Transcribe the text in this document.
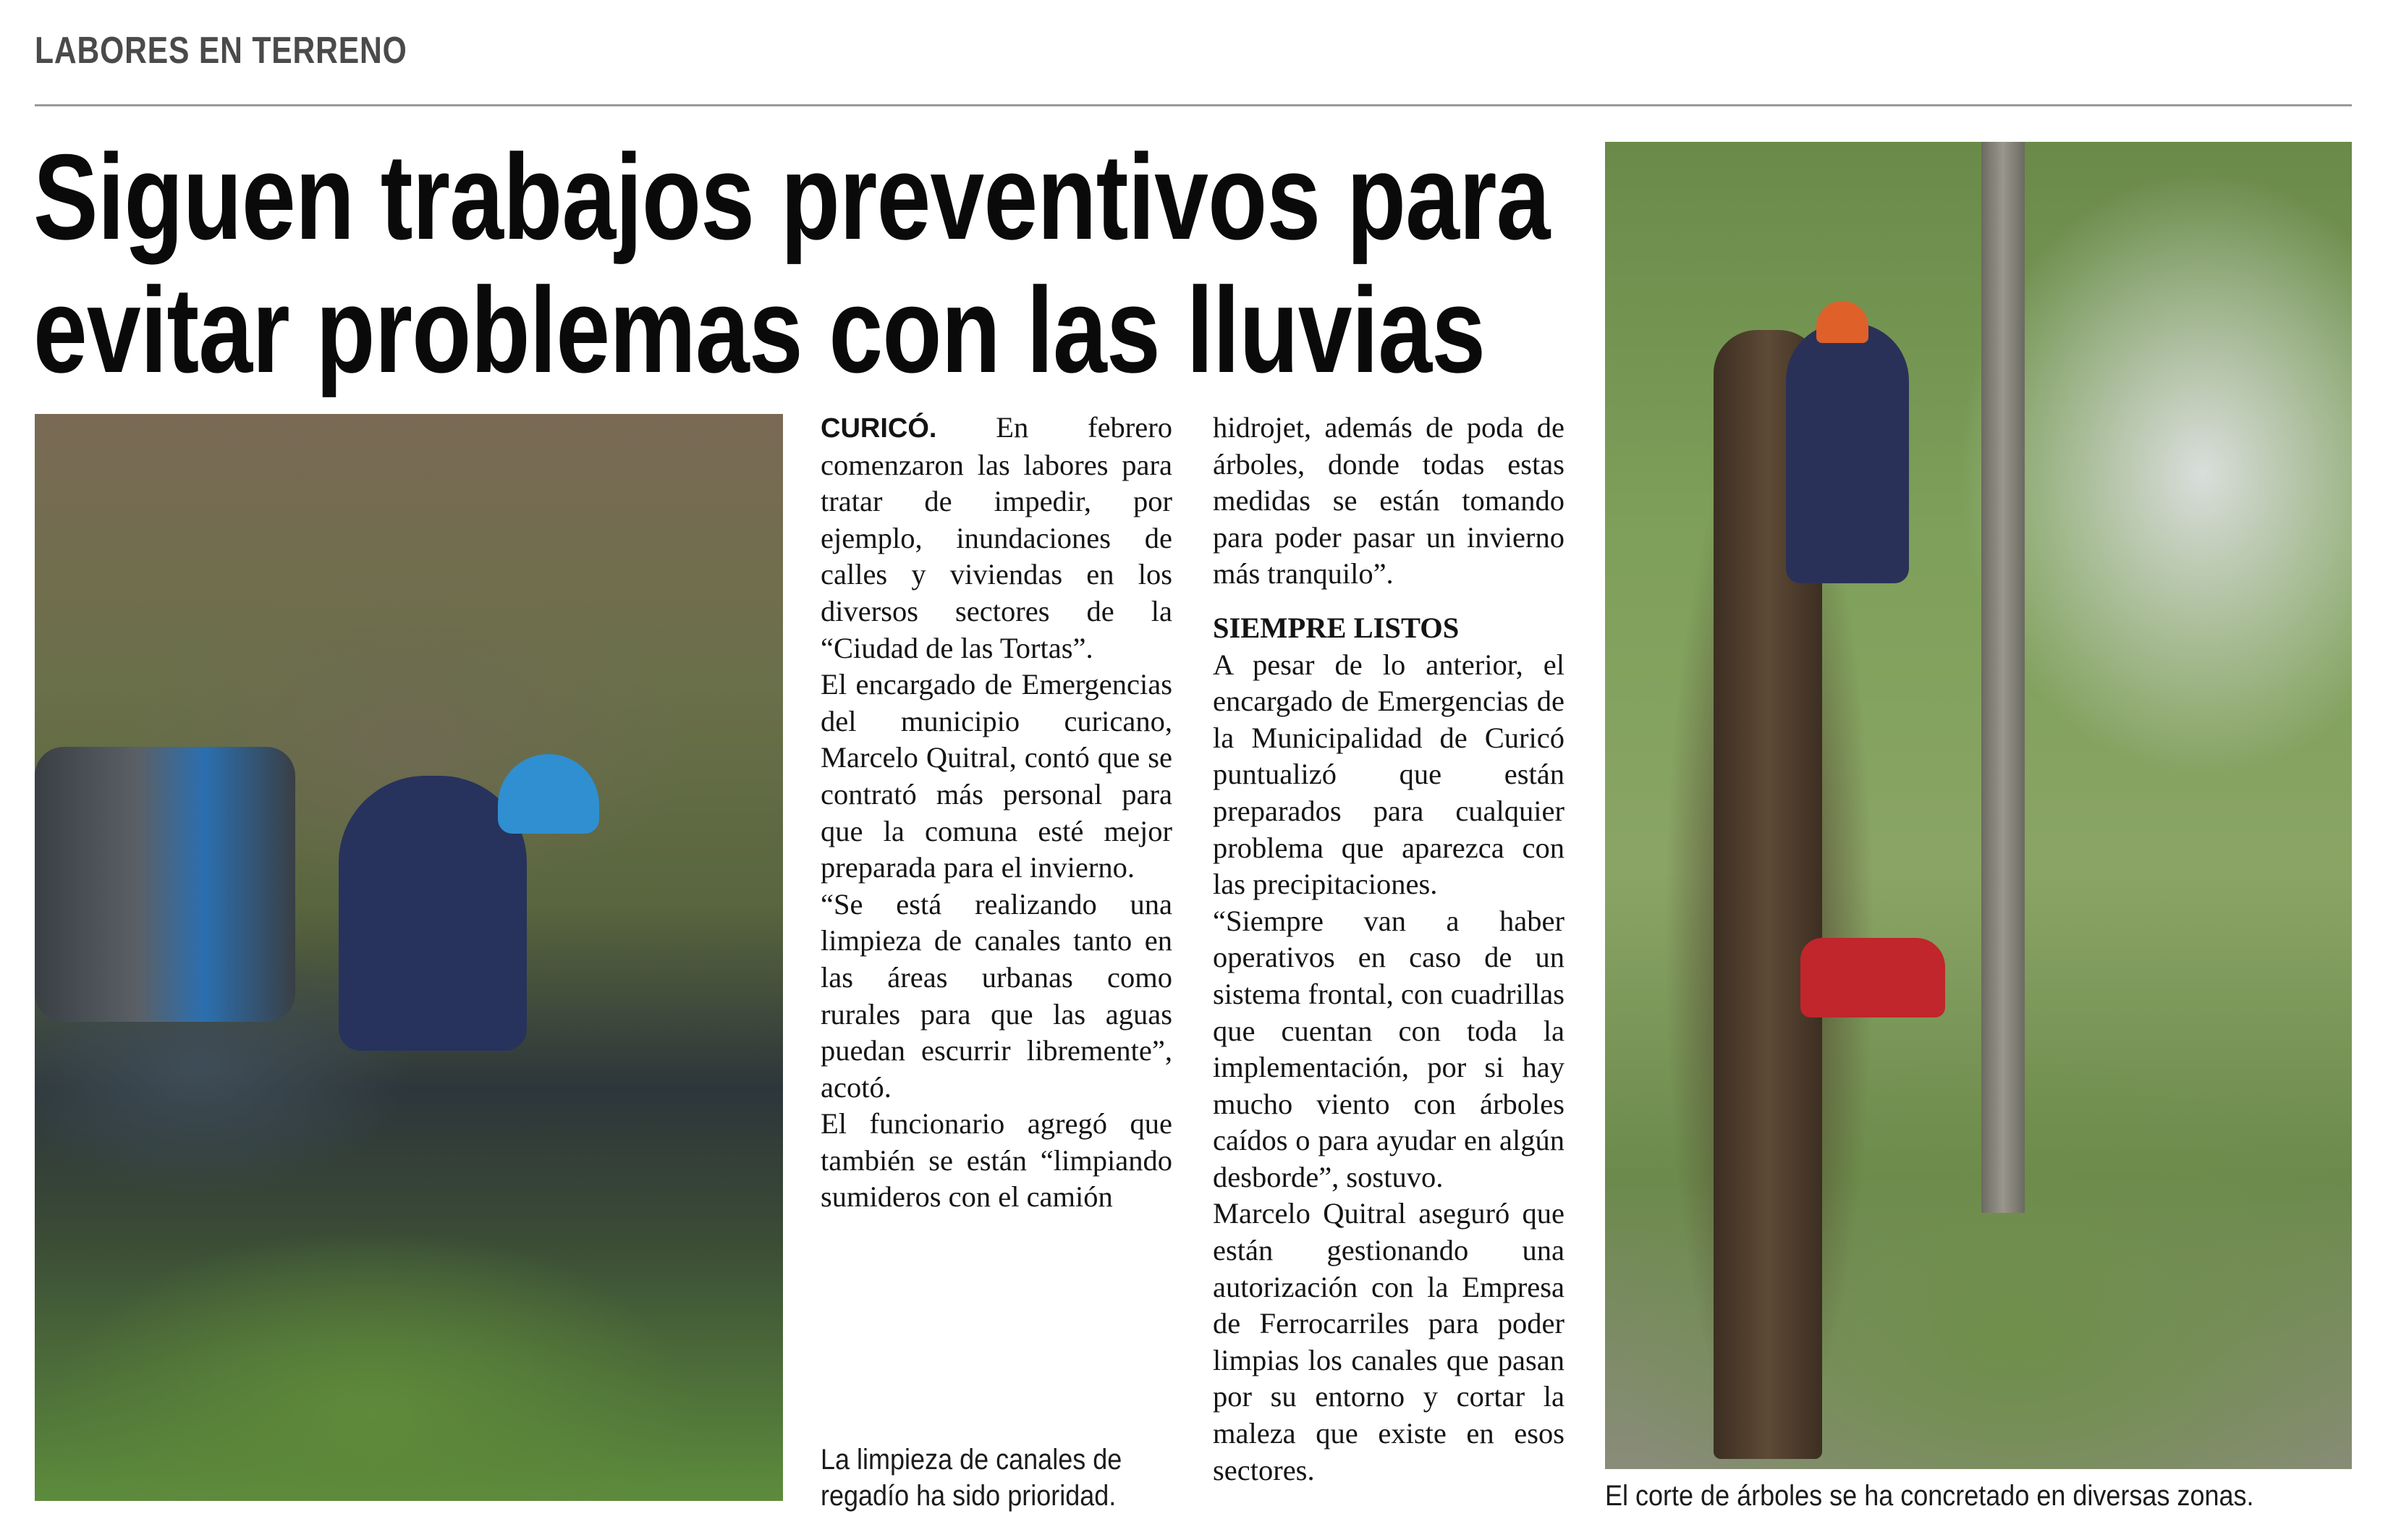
LABORES EN TERRENO
Siguen trabajos preventivos para
evitar problemas con las lluvias

CURICÓ. En febrero comenzaron las labores para tratar de impedir, por ejemplo, inundaciones de calles y viviendas en los diversos sectores de la “Ciudad de las Tortas”.

El encargado de Emergencias del municipio curicano, Marcelo Quitral, contó que se contrató más personal para que la comuna esté mejor preparada para el invierno.

“Se está realizando una limpieza de canales tanto en las áreas urbanas como rurales para que las aguas puedan escurrir libremente”, acotó.

El funcionario agregó que también se están “limpiando sumideros con el camión

hidrojet, además de poda de árboles, donde todas estas medidas se están tomando para poder pasar un invierno más tranquilo”.

SIEMPRE LISTOS

A pesar de lo anterior, el encargado de Emergencias de la Municipalidad de Curicó puntualizó que están preparados para cualquier problema que aparezca con las precipitaciones.

“Siempre van a haber operativos en caso de un sistema frontal, con cuadrillas que cuentan con toda la implementación, por si hay mucho viento con árboles caídos o para ayudar en algún desborde”, sostuvo.

Marcelo Quitral aseguró que están gestionando una autorización con la Empresa de Ferrocarriles para poder limpias los canales que pasan por su entorno y cortar la maleza que existe en esos sectores.

La limpieza de canales de regadío ha sido prioridad.	El corte de árboles se ha concretado en diversas zonas.
